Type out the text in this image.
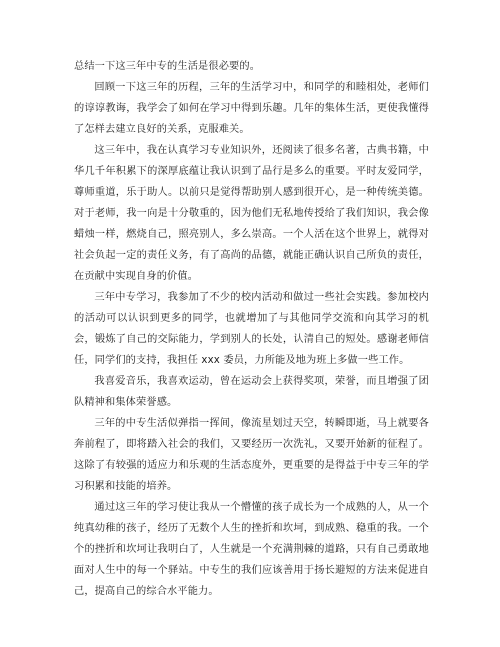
总结一下这三年中专的生活是很必要的。

回顾一下这三年的历程，三年的生活学习中，和同学的和睦相处，老师们的谆谆教诲，我学会了如何在学习中得到乐趣。几年的集体生活，更使我懂得了怎样去建立良好的关系，克服难关。

这三年中，我在认真学习专业知识外，还阅读了很多名著，古典书籍，中华几千年积累下的深厚底蕴让我认识到了品行是多么的重要。平时友爱同学，尊师重道，乐于助人。以前只是觉得帮助别人感到很开心，是一种传统美德。对于老师，我一向是十分敬重的，因为他们无私地传授给了我们知识，我会像蜡烛一样，燃烧自己，照亮别人，多么崇高。一个人活在这个世界上，就得对社会负起一定的责任义务，有了高尚的品德，就能正确认识自己所负的责任，在贡献中实现自身的价值。

三年中专学习，我参加了不少的校内活动和做过一些社会实践。参加校内的活动可以认识到更多的同学，也就增加了与其他同学交流和向其学习的机会，锻炼了自己的交际能力，学到别人的长处，认清自己的短处。感谢老师信任，同学们的支持，我担任 xxx 委员，力所能及地为班上多做一些工作。

我喜爱音乐，我喜欢运动，曾在运动会上获得奖项，荣誉，而且增强了团队精神和集体荣誉感。

三年的中专生活似弹指一挥间，像流星划过天空，转瞬即逝，马上就要各奔前程了，即将踏入社会的我们，又要经历一次洗礼，又要开始新的征程了。这除了有较强的适应力和乐观的生活态度外，更重要的是得益于中专三年的学习积累和技能的培养。

通过这三年的学习使让我从一个懵懂的孩子成长为一个成熟的人，从一个纯真幼稚的孩子，经历了无数个人生的挫折和坎坷，到成熟、稳重的我。一个个的挫折和坎坷让我明白了，人生就是一个充满荆棘的道路，只有自己勇敢地面对人生中的每一个驿站。中专生的我们应该善用于扬长避短的方法来促进自己，提高自己的综合水平能力。
